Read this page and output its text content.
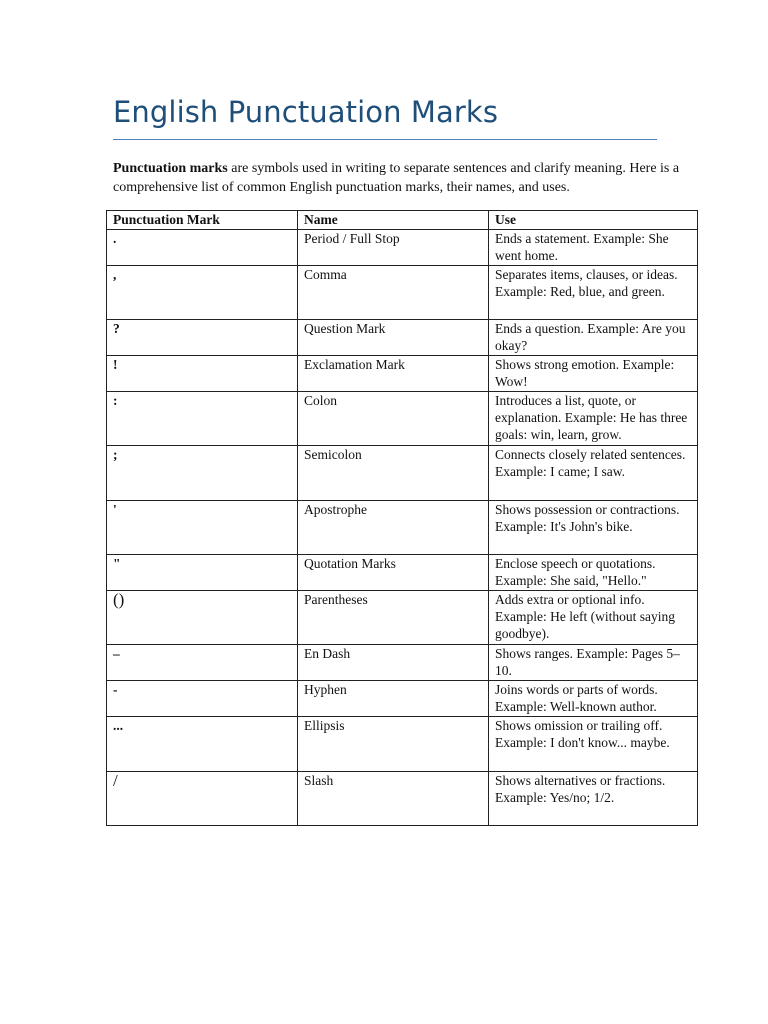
English Punctuation Marks
Punctuation marks are symbols used in writing to separate sentences and clarify meaning. Here is a comprehensive list of common English punctuation marks, their names, and uses.
Punctuation Mark	Name	Use
.	Period / Full Stop	Ends a statement. Example: She went home.
,	Comma	Separates items, clauses, or ideas. Example: Red, blue, and green.
?	Question Mark	Ends a question. Example: Are you okay?
!	Exclamation Mark	Shows strong emotion. Example: Wow!
:	Colon	Introduces a list, quote, or explanation. Example: He has three goals: win, learn, grow.
;	Semicolon	Connects closely related sentences. Example: I came; I saw.
'	Apostrophe	Shows possession or contractions. Example: It's John's bike.
"	Quotation Marks	Enclose speech or quotations. Example: She said, "Hello."
()	Parentheses	Adds extra or optional info. Example: He left (without saying goodbye).
–	En Dash	Shows ranges. Example: Pages 5–10.
-	Hyphen	Joins words or parts of words. Example: Well-known author.
...	Ellipsis	Shows omission or trailing off. Example: I don't know... maybe.
/	Slash	Shows alternatives or fractions. Example: Yes/no; 1/2.
